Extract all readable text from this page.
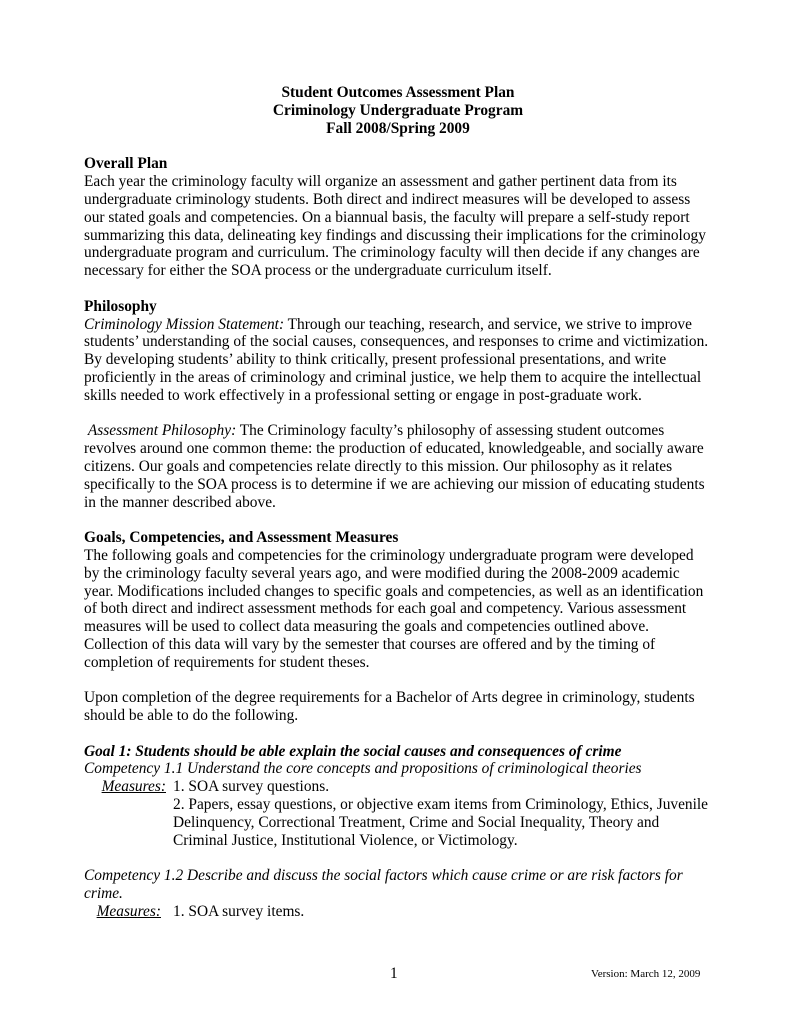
Student Outcomes Assessment Plan
Criminology Undergraduate Program
Fall 2008/Spring 2009
Overall Plan

Each year the criminology faculty will organize an assessment and gather pertinent data from its undergraduate criminology students. Both direct and indirect measures will be developed to assess our stated goals and competencies. On a biannual basis, the faculty will prepare a self-study report summarizing this data, delineating key findings and discussing their implications for the criminology undergraduate program and curriculum. The criminology faculty will then decide if any changes are necessary for either the SOA process or the undergraduate curriculum itself.

Philosophy

Criminology Mission Statement: Through our teaching, research, and service, we strive to improve students’ understanding of the social causes, consequences, and responses to crime and victimization. By developing students’ ability to think critically, present professional presentations, and write proficiently in the areas of criminology and criminal justice, we help them to acquire the intellectual skills needed to work effectively in a professional setting or engage in post-graduate work.

Assessment Philosophy: The Criminology faculty’s philosophy of assessing student outcomes revolves around one common theme: the production of educated, knowledgeable, and socially aware citizens. Our goals and competencies relate directly to this mission. Our philosophy as it relates specifically to the SOA process is to determine if we are achieving our mission of educating students in the manner described above.

Goals, Competencies, and Assessment Measures

The following goals and competencies for the criminology undergraduate program were developed by the criminology faculty several years ago, and were modified during the 2008-2009 academic year. Modifications included changes to specific goals and competencies, as well as an identification of both direct and indirect assessment methods for each goal and competency. Various assessment measures will be used to collect data measuring the goals and competencies outlined above. Collection of this data will vary by the semester that courses are offered and by the timing of completion of requirements for student theses.

Upon completion of the degree requirements for a Bachelor of Arts degree in criminology, students should be able to do the following.

Goal 1: Students should be able explain the social causes and consequences of crime
Competency 1.1 Understand the core concepts and propositions of criminological theories
Measures: 1. SOA survey questions.
2. Papers, essay questions, or objective exam items from Criminology, Ethics, Juvenile Delinquency, Correctional Treatment, Crime and Social Inequality, Theory and Criminal Justice, Institutional Violence, or Victimology.
Competency 1.2 Describe and discuss the social factors which cause crime or are risk factors for crime.
Measures: 1. SOA survey items.
1	Version: March 12, 2009
